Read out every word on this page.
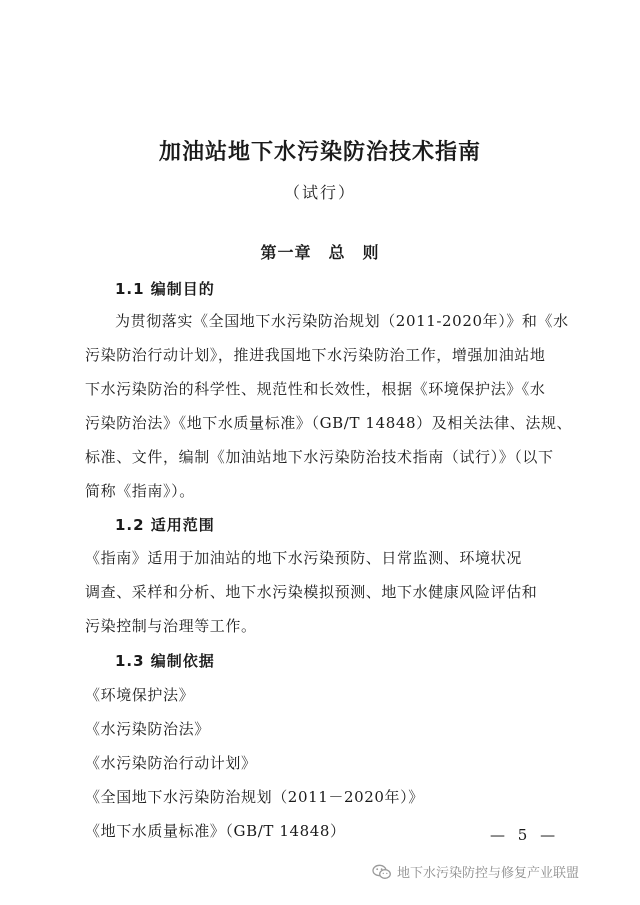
加油站地下水污染防治技术指南
（试行）
第一章　总　则
1.1 编制目的
为贯彻落实《全国地下水污染防治规划（2011-2020年）》和《水
污染防治行动计划》，推进我国地下水污染防治工作，增强加油站地
下水污染防治的科学性、规范性和长效性，根据《环境保护法》《水
污染防治法》《地下水质量标准》（GB/T 14848）及相关法律、法规、
标准、文件，编制《加油站地下水污染防治技术指南（试行）》（以下
简称《指南》）。
1.2 适用范围
《指南》适用于加油站的地下水污染预防、日常监测、环境状况
调查、采样和分析、地下水污染模拟预测、地下水健康风险评估和
污染控制与治理等工作。
1.3 编制依据
《环境保护法》
《水污染防治法》
《水污染防治行动计划》
《全国地下水污染防治规划（2011－2020年）》
《地下水质量标准》（GB/T 14848）	— 5 —
地下水污染防控与修复产业联盟
